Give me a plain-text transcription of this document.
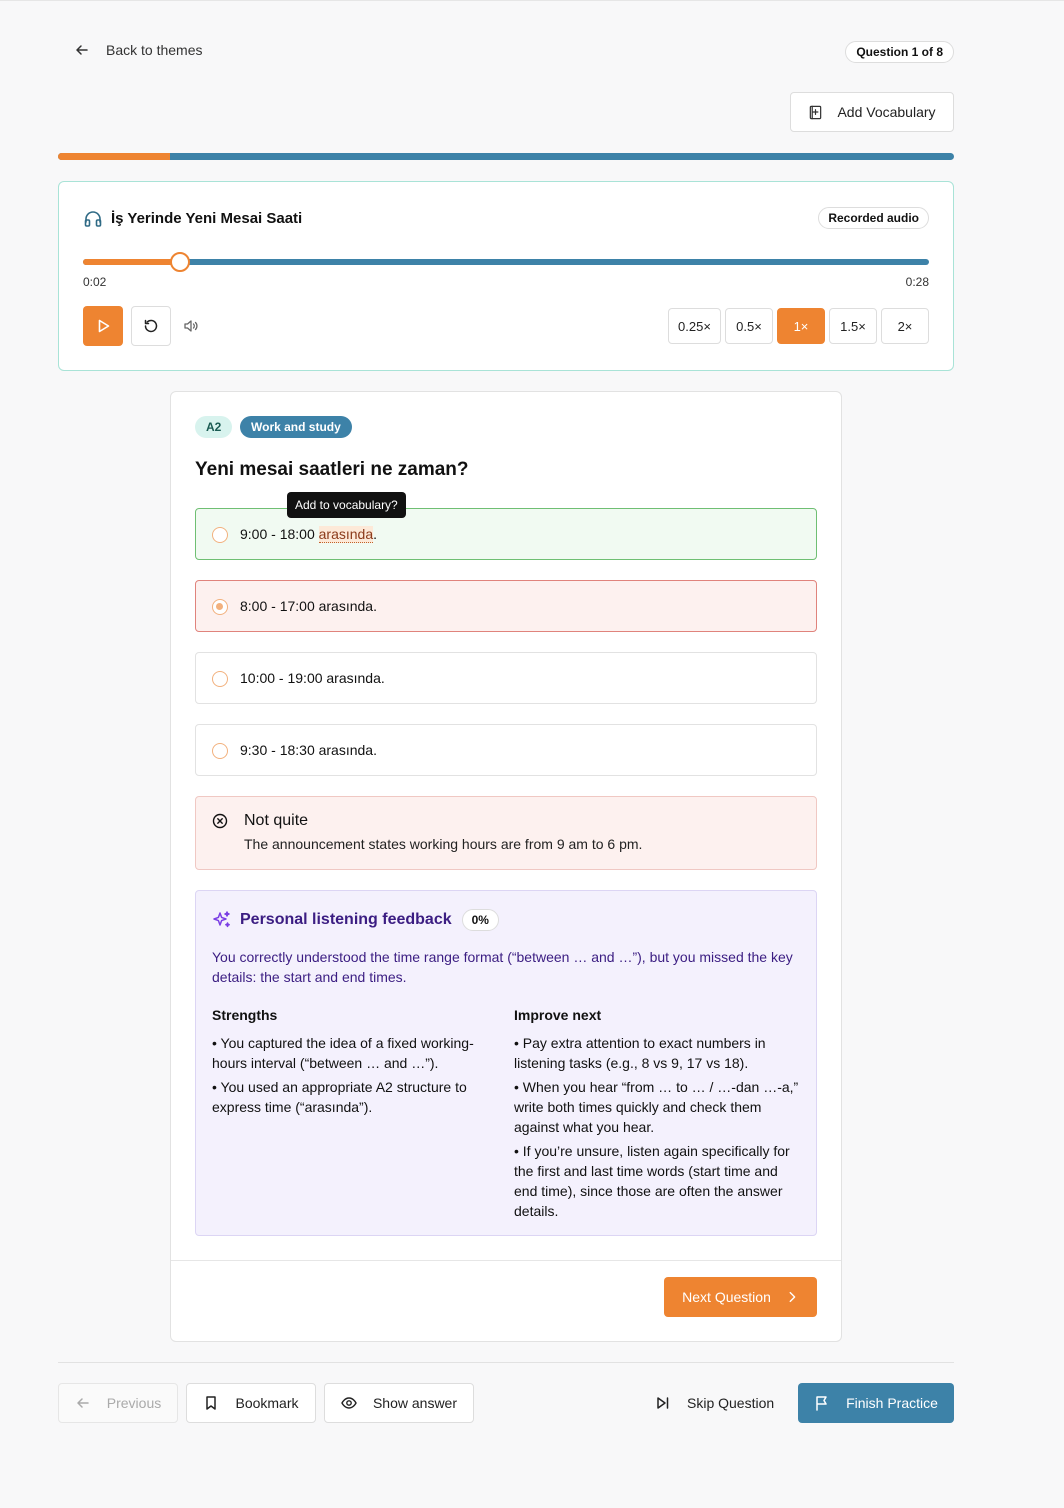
Back to themes	Question 1 of 8
Add Vocabulary
İş Yerinde Yeni Mesai Saati	Recorded audio
0:02	0:28
0.25×	0.5×	1×	1.5×	2×
A2	Work and study
Yeni mesai saatleri ne zaman?
9:00 - 18:00 arasında .
Add to vocabulary?
8:00 - 17:00 arasında.
10:00 - 19:00 arasında.
9:30 - 18:30 arasında.
Not quite
The announcement states working hours are from 9 am to 6 pm.
Personal listening feedback	0%
You correctly understood the time range format (“between … and …”), but you missed the key details: the start and end times.
Strengths
• You captured the idea of a fixed working-hours interval (“between … and …”).
• You used an appropriate A2 structure to express time (“arasında”).
Improve next
• Pay extra attention to exact numbers in listening tasks (e.g., 8 vs 9, 17 vs 18).
• When you hear “from … to … / …-dan …-a,” write both times quickly and check them against what you hear.
• If you’re unsure, listen again specifically for the first and last time words (start time and end time), since those are often the answer details.
Next Question
Previous	Bookmark	Show answer	Skip Question	Finish Practice
